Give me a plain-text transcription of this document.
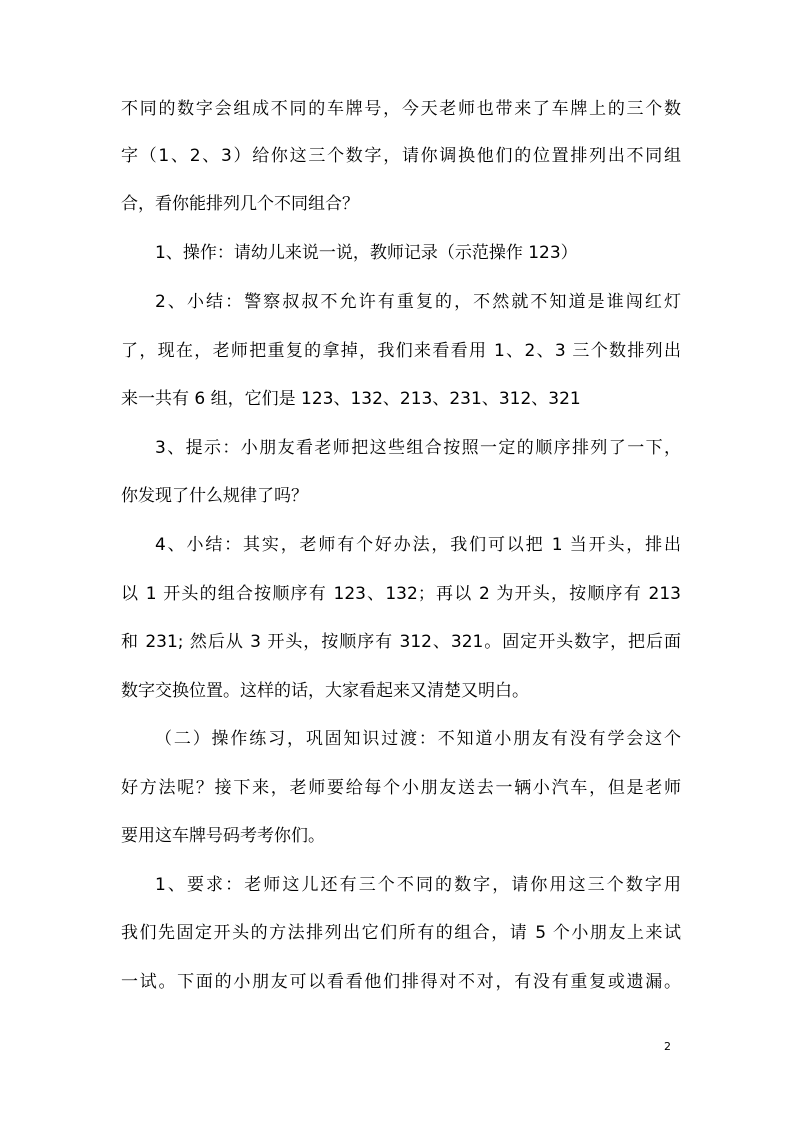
不同的数字会组成不同的车牌号，今天老师也带来了车牌上的三个数
字（1、2、3）给你这三个数字，请你调换他们的位置排列出不同组
合，看你能排列几个不同组合？
1、操作：请幼儿来说一说，教师记录（示范操作 123）
2、小结：警察叔叔不允许有重复的，不然就不知道是谁闯红灯
了，现在，老师把重复的拿掉，我们来看看用 1、2、3 三个数排列出
来一共有 6 组，它们是 123、132、213、231、312、321
3、提示：小朋友看老师把这些组合按照一定的顺序排列了一下，
你发现了什么规律了吗？
4、小结：其实，老师有个好办法，我们可以把 1 当开头，排出
以 1 开头的组合按顺序有 123、132；再以 2 为开头，按顺序有 213
和 231; 然后从 3 开头，按顺序有 312、321。固定开头数字，把后面
数字交换位置。这样的话，大家看起来又清楚又明白。
（二）操作练习，巩固知识过渡：不知道小朋友有没有学会这个
好方法呢？接下来，老师要给每个小朋友送去一辆小汽车，但是老师
要用这车牌号码考考你们。
1、要求：老师这儿还有三个不同的数字，请你用这三个数字用
我们先固定开头的方法排列出它们所有的组合，请 5 个小朋友上来试
一试。下面的小朋友可以看看他们排得对不对，有没有重复或遗漏。
2
